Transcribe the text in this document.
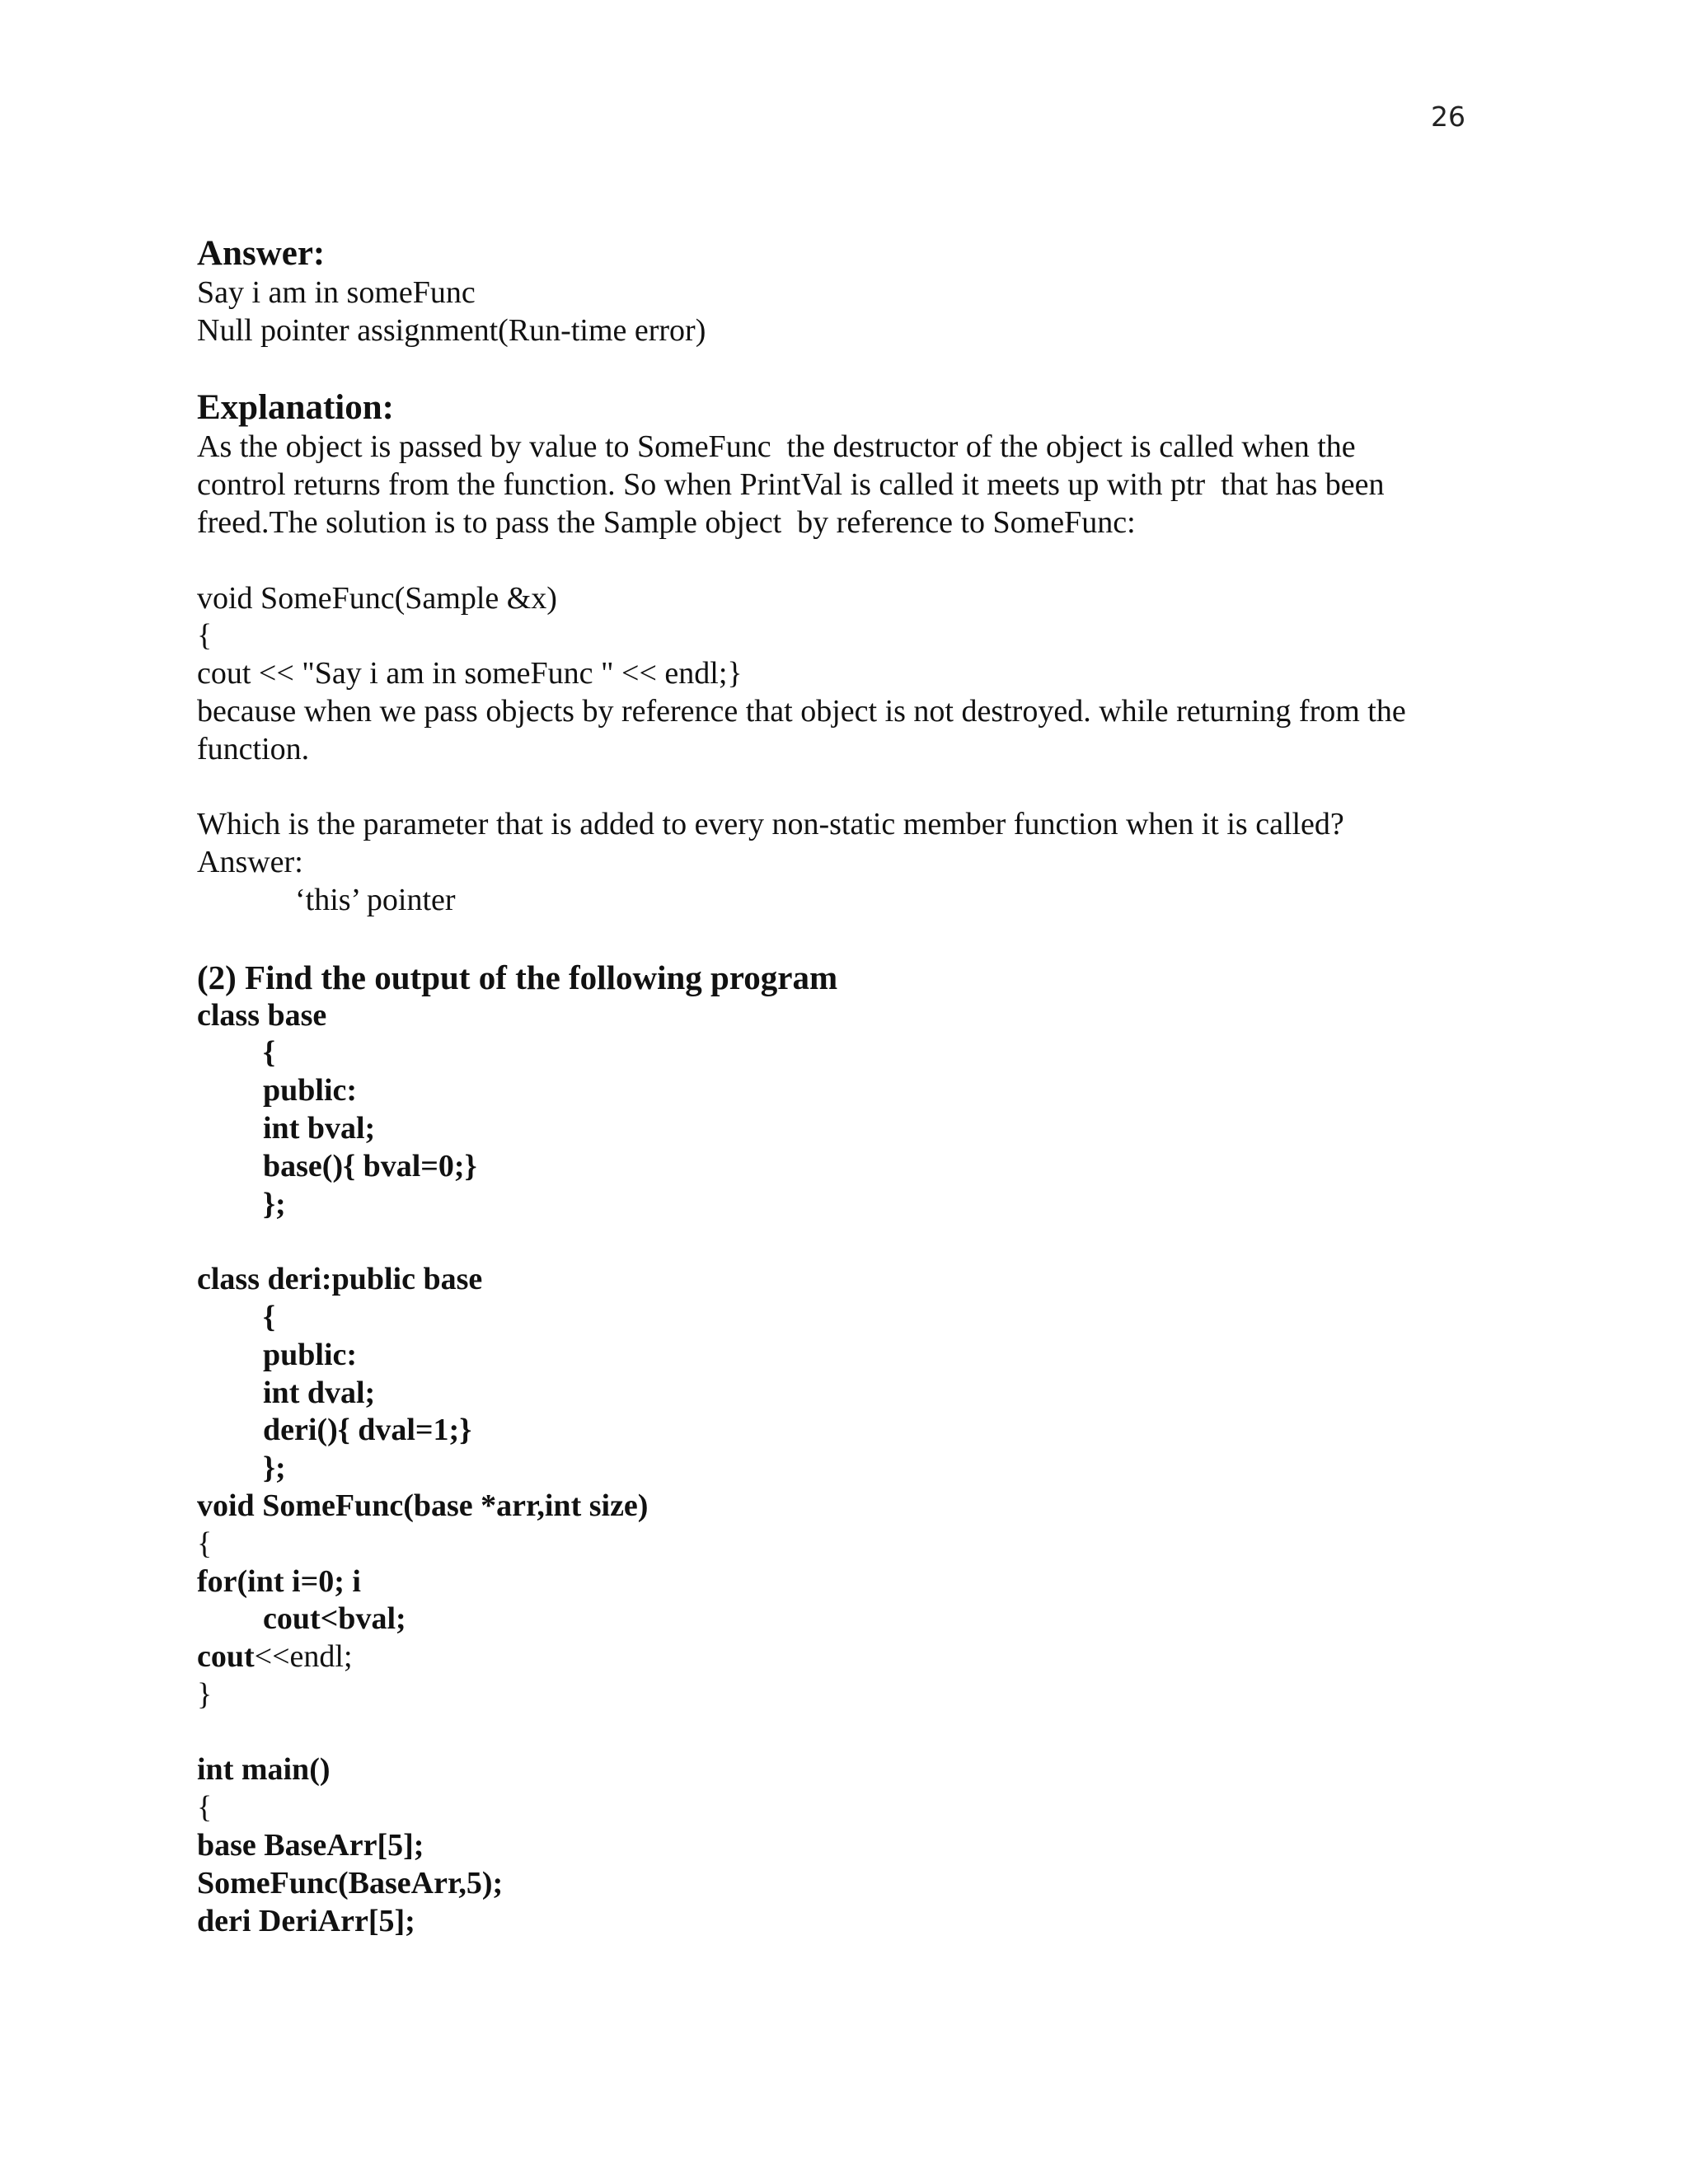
26
Answer:
Say i am in someFunc
Null pointer assignment(Run-time error)
Explanation:
As the object is passed by value to SomeFunc  the destructor of the object is called when the
control returns from the function. So when PrintVal is called it meets up with ptr  that has been
freed.The solution is to pass the Sample object  by reference to SomeFunc:
void SomeFunc(Sample &x)
{
cout << "Say i am in someFunc " << endl;}
because when we pass objects by reference that object is not destroyed. while returning from the
function.
Which is the parameter that is added to every non-static member function when it is called?
Answer:
‘this’ pointer
(2) Find the output of the following program
class base
{
public:
int bval;
base(){ bval=0;}
};
class deri:public base
{
public:
int dval;
deri(){ dval=1;}
};
void SomeFunc(base *arr,int size)
{
for(int i=0; i
cout<bval;
cout<<endl;
}
int main()
{
base BaseArr[5];
SomeFunc(BaseArr,5);
deri DeriArr[5];
